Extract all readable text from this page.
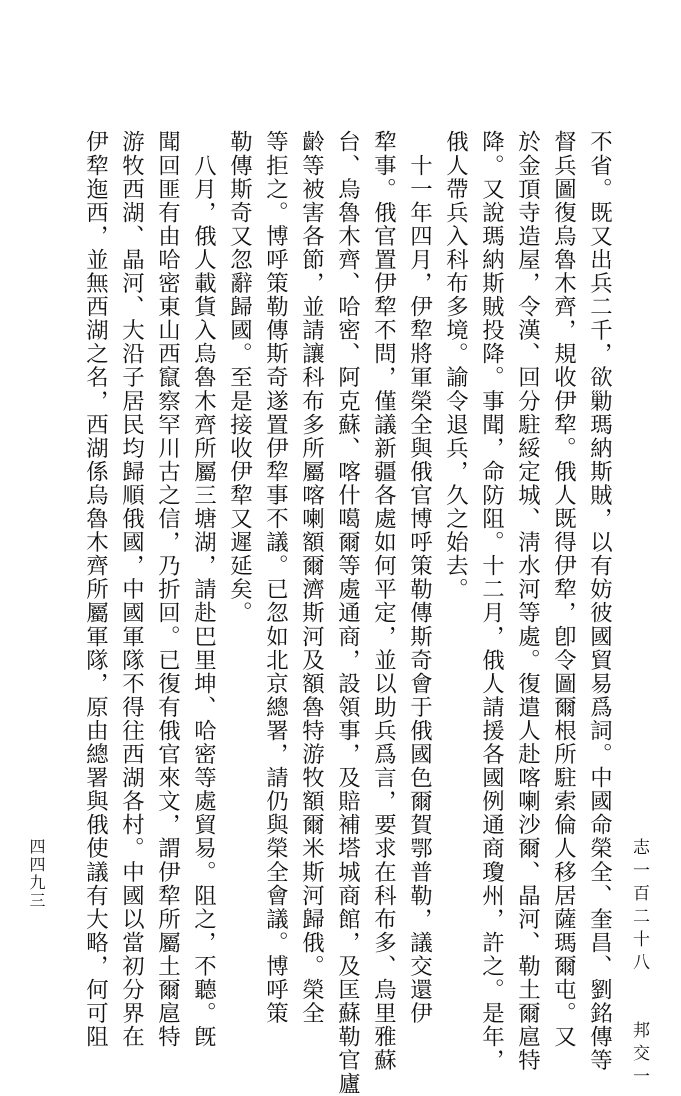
不省。既又出兵二千，欲勦瑪納斯賊，以有妨彼國貿易爲詞。中國命榮全、奎昌、劉銘傳等
督兵圖復烏魯木齊，規收伊犂。俄人既得伊犂，卽令圖爾根所駐索倫人移居薩瑪爾屯。又
於金頂寺造屋，令漢、回分駐綏定城、淸水河等處。復遣人赴喀喇沙爾、晶河、勒土爾扈特
降。又說瑪納斯賊投降。事聞，命防阻。十二月，俄人請援各國例通商瓊州，許之。是年，
俄人帶兵入科布多境。諭令退兵，久之始去。
　十一年四月，伊犂將軍榮全與俄官博呼策勒傳斯奇會于俄國色爾賀鄂普勒，議交還伊
犂事。俄官置伊犂不問，僅議新疆各處如何平定，並以助兵爲言，要求在科布多、烏里雅蘇
台、烏魯木齊、哈密、阿克蘇、喀什噶爾等處通商，設領事，及賠補塔城商館，及匡蘇勒官廬
齡等被害各節，並請讓科布多所屬喀喇額爾濟斯河及額魯特游牧額爾米斯河歸俄。榮全
等拒之。博呼策勒傳斯奇遂置伊犂事不議。已忽如北京總署，請仍與榮全會議。博呼策
勒傳斯奇又忽辭歸國。至是接收伊犂又遲延矣。
　八月，俄人載貨入烏魯木齊所屬三塘湖，請赴巴里坤、哈密等處貿易。阻之，不聽。旣
聞回匪有由哈密東山西竄察罕川古之信，乃折回。已復有俄官來文，謂伊犂所屬土爾扈特
游牧西湖、晶河、大沿子居民均歸順俄國，中國軍隊不得往西湖各村。中國以當初分界在
伊犂迤西，並無西湖之名，西湖係烏魯木齊所屬軍隊，原由總署與俄使議有大略，何可阻	志一百二十八  邦交一
四四九三
